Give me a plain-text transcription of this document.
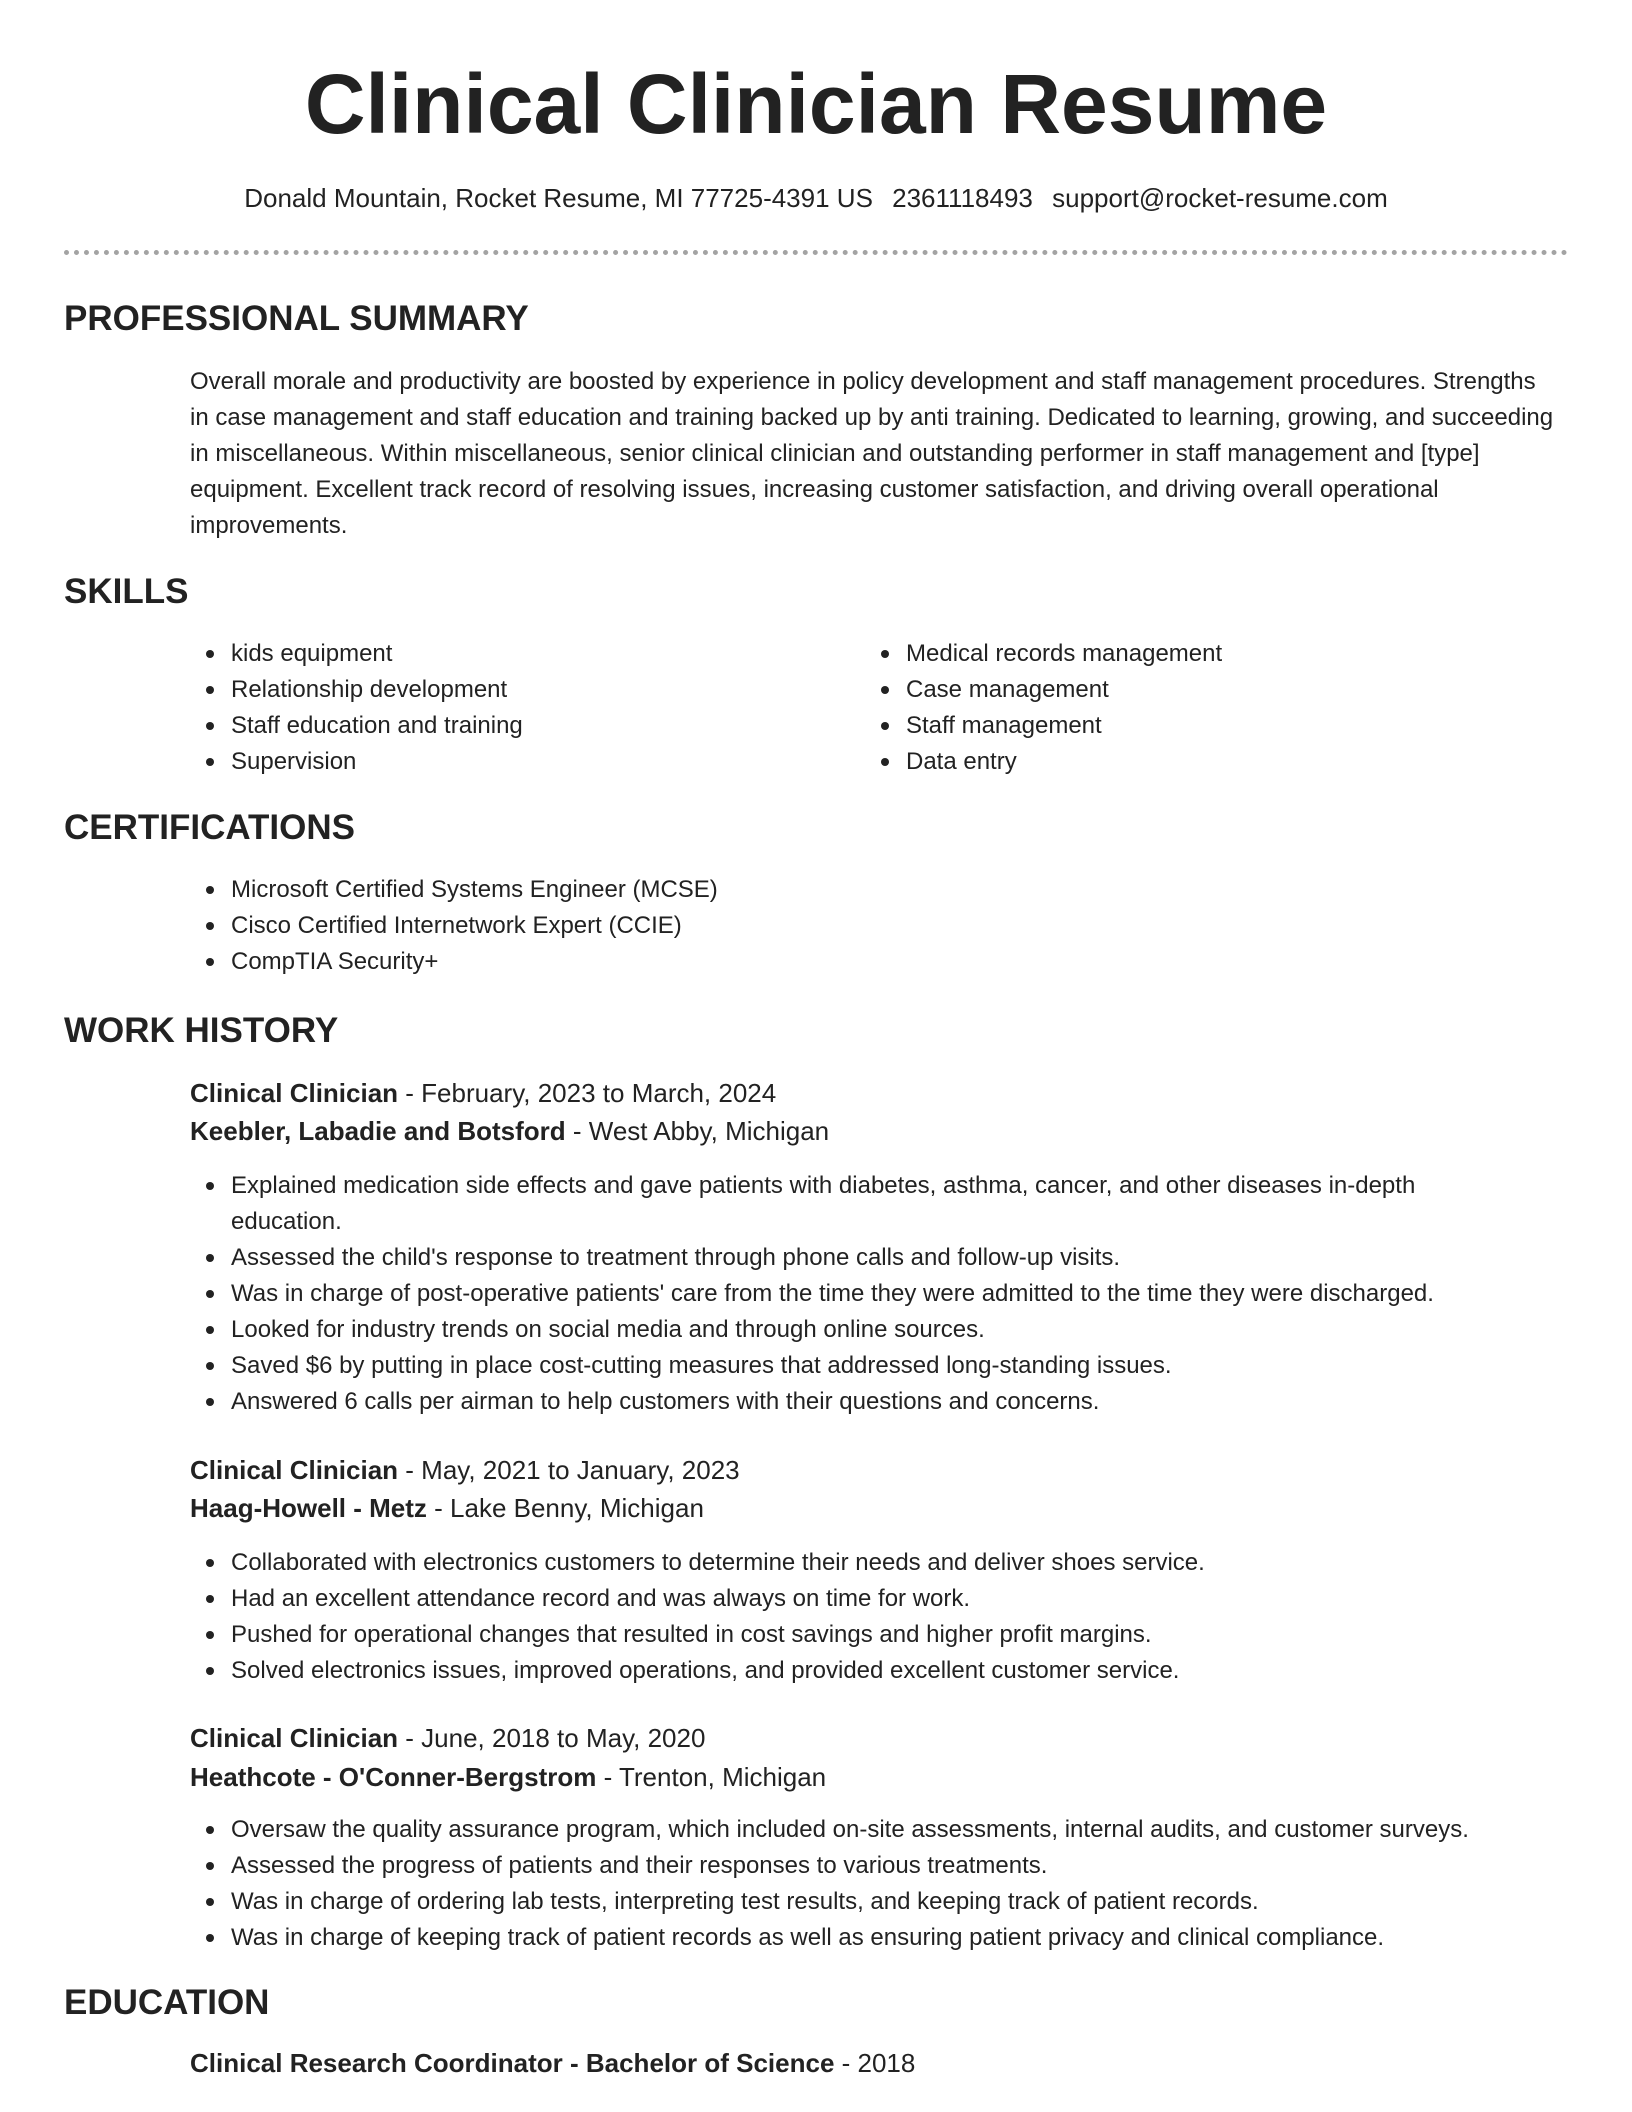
Clinical Clinician Resume
Donald Mountain, Rocket Resume, MI 77725-4391 US 2361118493 support@rocket-resume.com
PROFESSIONAL SUMMARY
Overall morale and productivity are boosted by experience in policy development and staff management procedures. Strengths in case management and staff education and training backed up by anti training. Dedicated to learning, growing, and succeeding in miscellaneous. Within miscellaneous, senior clinical clinician and outstanding performer in staff management and [type] equipment. Excellent track record of resolving issues, increasing customer satisfaction, and driving overall operational improvements.
SKILLS
kids equipment
Relationship development
Staff education and training
Supervision
Medical records management
Case management
Staff management
Data entry
CERTIFICATIONS
Microsoft Certified Systems Engineer (MCSE)
Cisco Certified Internetwork Expert (CCIE)
CompTIA Security+
WORK HISTORY
Clinical Clinician - February, 2023 to March, 2024
Keebler, Labadie and Botsford - West Abby, Michigan
Explained medication side effects and gave patients with diabetes, asthma, cancer, and other diseases in-depth education.
Assessed the child's response to treatment through phone calls and follow-up visits.
Was in charge of post-operative patients' care from the time they were admitted to the time they were discharged.
Looked for industry trends on social media and through online sources.
Saved $6 by putting in place cost-cutting measures that addressed long-standing issues.
Answered 6 calls per airman to help customers with their questions and concerns.
Clinical Clinician - May, 2021 to January, 2023
Haag-Howell - Metz - Lake Benny, Michigan
Collaborated with electronics customers to determine their needs and deliver shoes service.
Had an excellent attendance record and was always on time for work.
Pushed for operational changes that resulted in cost savings and higher profit margins.
Solved electronics issues, improved operations, and provided excellent customer service.
Clinical Clinician - June, 2018 to May, 2020
Heathcote - O'Conner-Bergstrom - Trenton, Michigan
Oversaw the quality assurance program, which included on-site assessments, internal audits, and customer surveys.
Assessed the progress of patients and their responses to various treatments.
Was in charge of ordering lab tests, interpreting test results, and keeping track of patient records.
Was in charge of keeping track of patient records as well as ensuring patient privacy and clinical compliance.
EDUCATION
Clinical Research Coordinator - Bachelor of Science - 2018
